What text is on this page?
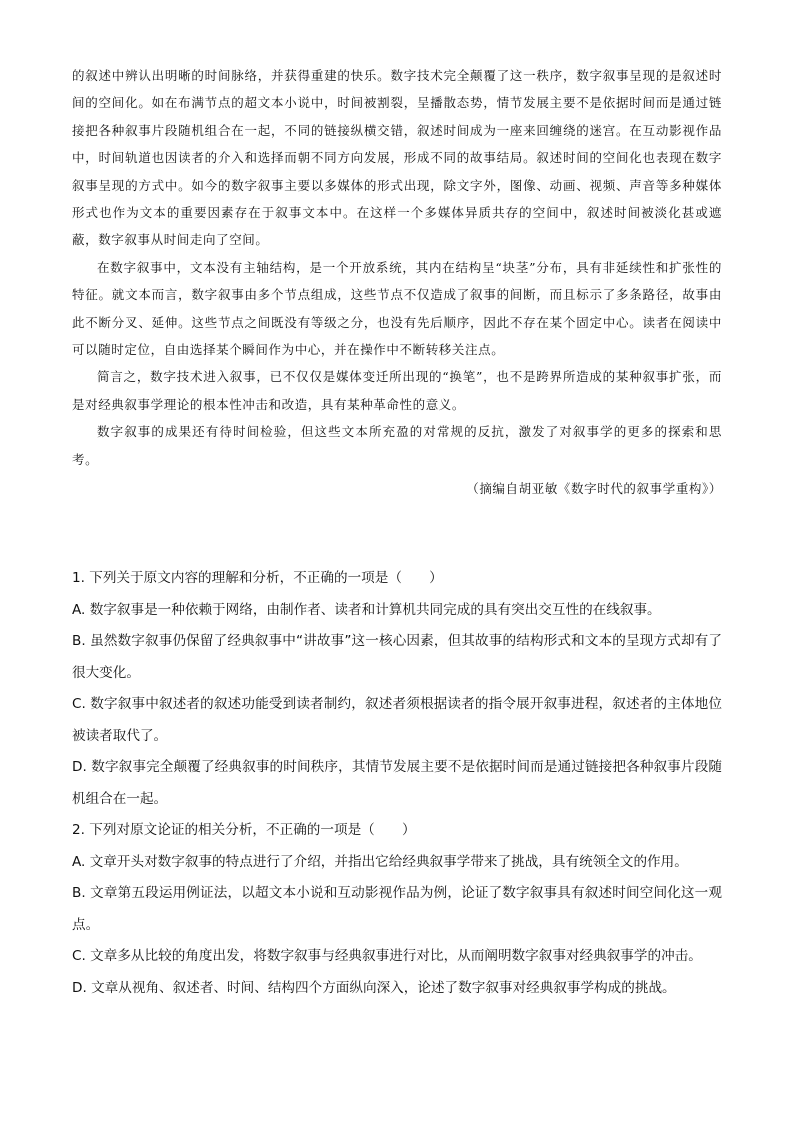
的叙述中辨认出明晰的时间脉络，并获得重建的快乐。数字技术完全颠覆了这一秩序，数字叙事呈现的是叙述时间的空间化。如在布满节点的超文本小说中，时间被割裂，呈播散态势，情节发展主要不是依据时间而是通过链接把各种叙事片段随机组合在一起，不同的链接纵横交错，叙述时间成为一座来回缠绕的迷宫。在互动影视作品中，时间轨道也因读者的介入和选择而朝不同方向发展，形成不同的故事结局。叙述时间的空间化也表现在数字叙事呈现的方式中。如今的数字叙事主要以多媒体的形式出现，除文字外，图像、动画、视频、声音等多种媒体形式也作为文本的重要因素存在于叙事文本中。在这样一个多媒体异质共存的空间中，叙述时间被淡化甚或遮蔽，数字叙事从时间走向了空间。

在数字叙事中，文本没有主轴结构，是一个开放系统，其内在结构呈“块茎”分布，具有非延续性和扩张性的特征。就文本而言，数字叙事由多个节点组成，这些节点不仅造成了叙事的间断，而且标示了多条路径，故事由此不断分叉、延伸。这些节点之间既没有等级之分，也没有先后顺序，因此不存在某个固定中心。读者在阅读中可以随时定位，自由选择某个瞬间作为中心，并在操作中不断转移关注点。

简言之，数字技术进入叙事，已不仅仅是媒体变迁所出现的“换笔”，也不是跨界所造成的某种叙事扩张，而是对经典叙事学理论的根本性冲击和改造，具有某种革命性的意义。

数字叙事的成果还有待时间检验，但这些文本所充盈的对常规的反抗，激发了对叙事学的更多的探索和思考。

（摘编自胡亚敏《数字时代的叙事学重构》）

1. 下列关于原文内容的理解和分析，不正确的一项是（　　）

A. 数字叙事是一种依赖于网络，由制作者、读者和计算机共同完成的具有突出交互性的在线叙事。

B. 虽然数字叙事仍保留了经典叙事中“讲故事”这一核心因素，但其故事的结构形式和文本的呈现方式却有了很大变化。

C. 数字叙事中叙述者的叙述功能受到读者制约，叙述者须根据读者的指令展开叙事进程，叙述者的主体地位被读者取代了。

D. 数字叙事完全颠覆了经典叙事的时间秩序，其情节发展主要不是依据时间而是通过链接把各种叙事片段随机组合在一起。

2. 下列对原文论证的相关分析，不正确的一项是（　　）

A. 文章开头对数字叙事的特点进行了介绍，并指出它给经典叙事学带来了挑战，具有统领全文的作用。

B. 文章第五段运用例证法，以超文本小说和互动影视作品为例，论证了数字叙事具有叙述时间空间化这一观点。

C. 文章多从比较的角度出发，将数字叙事与经典叙事进行对比，从而阐明数字叙事对经典叙事学的冲击。

D. 文章从视角、叙述者、时间、结构四个方面纵向深入，论述了数字叙事对经典叙事学构成的挑战。
